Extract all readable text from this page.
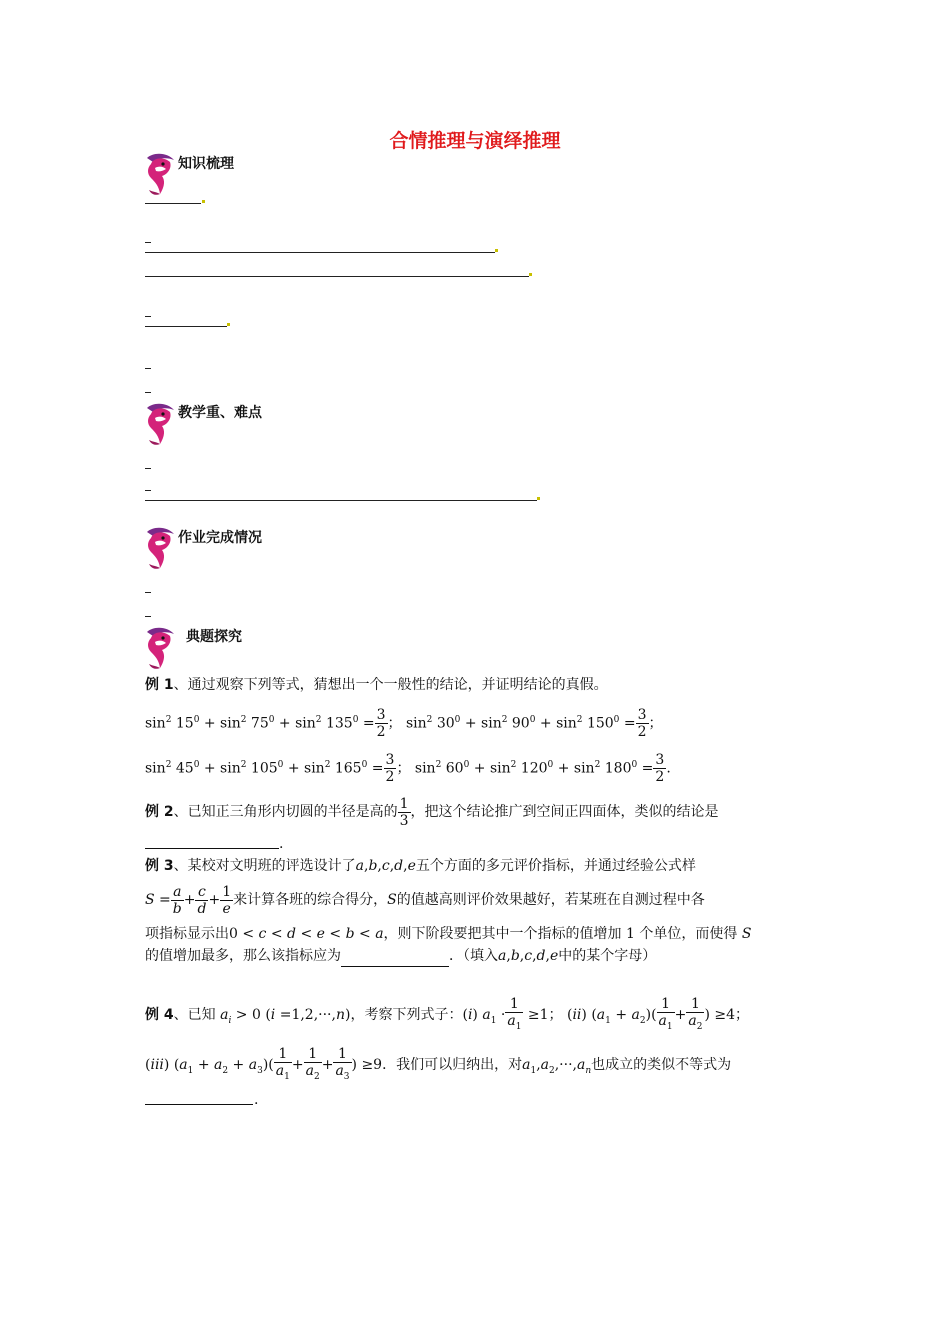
合情推理与演绎推理
知识梳理
教学重、难点
作业完成情况
典题探究
例 1、通过观察下列等式，猜想出一个一般性的结论，并证明结论的真假。
$\sin^2 15^0 + \sin^2 75^0 + \sin^2 135^0 = \frac{3}{2}$ ； $\sin^2 30^0 + \sin^2 90^0 + \sin^2 150^0 = \frac{3}{2}$ ；
$\sin^2 45^0 + \sin^2 105^0 + \sin^2 165^0 = \frac{3}{2}$ ； $\sin^2 60^0 + \sin^2 120^0 + \sin^2 180^0 = \frac{3}{2}$ .
例 2、已知正三角形内切圆的半径是高的 $\frac{1}{3}$ ，把这个结论推广到空间正四面体，类似的结论是
.
例 3、某校对文明班的评选设计了a,b,c,d,e五个方面的多元评价指标，并通过经验公式样
$S = \frac{a}{b} + \frac{c}{d} + \frac{1}{e}$ 来计算各班的综合得分，S的值越高则评价效果越好，若某班在自测过程中各
项指标显示出0 < c < d < e < b < a，则下阶段要把其中一个指标的值增加 1 个单位，而使得 S
的值增加最多，那么该指标应为	．（填入a,b,c,d,e中的某个字母）
例 4、已知 $a_i > 0$ (i =1,2,···,n)，考察下列式子：(i) $a_1 \cdot \frac{1}{a_1} \ge 1$； (ii) $(a_1 + a_2)( \frac{1}{a_1} + \frac{1}{a_2}$ ) ≥4；
(iii) $(a_1 + a_2 + a_3)( \frac{1}{a_1} + \frac{1}{a_2} + \frac{1}{a_3}$ ) ≥9．我们可以归纳出，对$a_1,a_2,\cdot\cdot\cdot,a_n$也成立的类似不等式为
.
